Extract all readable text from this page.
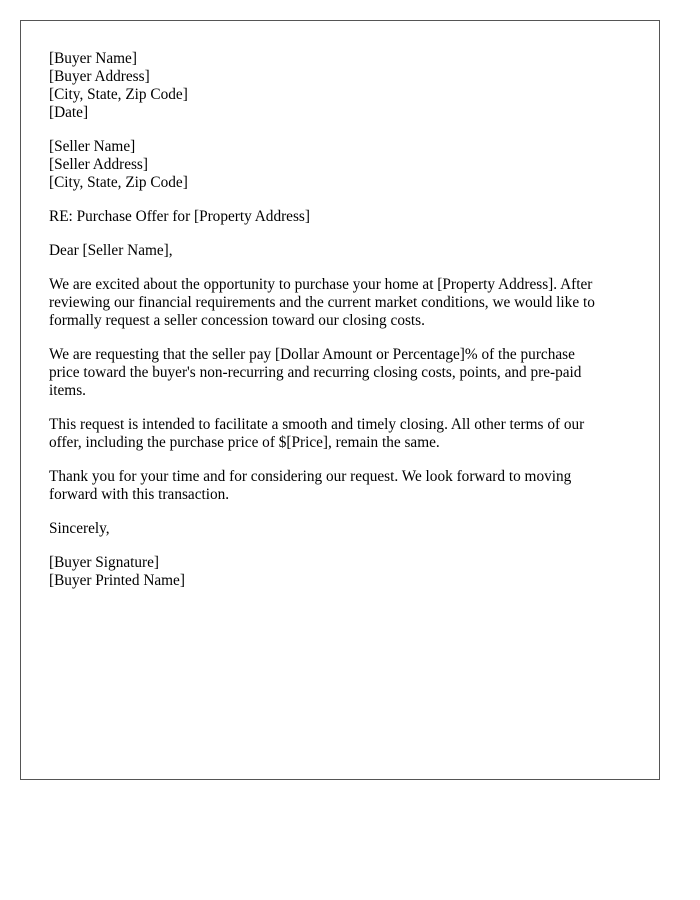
[Buyer Name]
[Buyer Address]
[City, State, Zip Code]
[Date]
[Seller Name]
[Seller Address]
[City, State, Zip Code]
RE: Purchase Offer for [Property Address]
Dear [Seller Name],
We are excited about the opportunity to purchase your home at [Property Address]. After
reviewing our financial requirements and the current market conditions, we would like to
formally request a seller concession toward our closing costs.
We are requesting that the seller pay [Dollar Amount or Percentage]% of the purchase
price toward the buyer's non-recurring and recurring closing costs, points, and pre-paid
items.
This request is intended to facilitate a smooth and timely closing. All other terms of our
offer, including the purchase price of $[Price], remain the same.
Thank you for your time and for considering our request. We look forward to moving
forward with this transaction.
Sincerely,
[Buyer Signature]
[Buyer Printed Name]
